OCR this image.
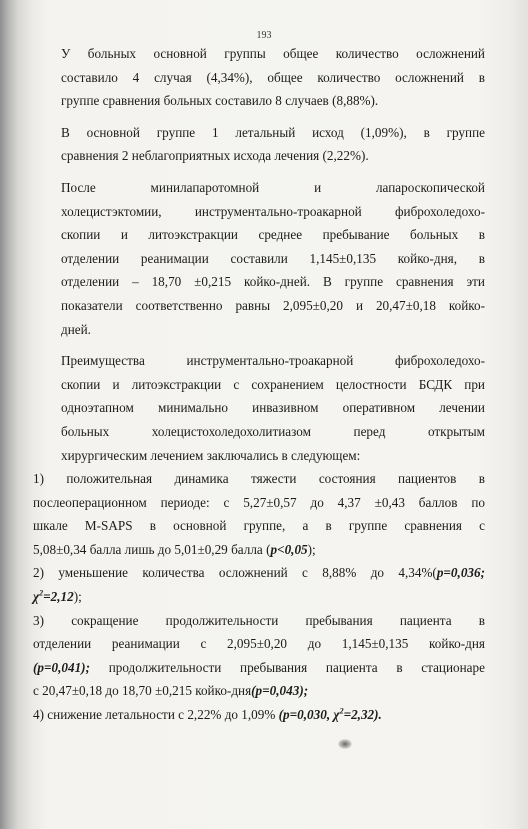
193
У больных основной группы общее количество осложнений
составило 4 случая (4,34%), общее количество осложнений в
группе сравнения больных составило 8 случаев (8,88%).
В основной группе 1 летальный исход (1,09%), в группе
сравнения 2 неблагоприятных исхода лечения (2,22%).
После минилапаротомной и лапароскопической
холецистэктомии, инструментально-троакарной фиброхоледохо-
скопии и литоэкстракции среднее пребывание больных в
отделении реанимации составили 1,145±0,135 койко-дня, в
отделении – 18,70 ±0,215 койко-дней. В группе сравнения эти
показатели соответственно равны 2,095±0,20 и 20,47±0,18 койко-
дней.
Преимущества инструментально-троакарной фиброхоледохо-
скопии и литоэкстракции с сохранением целостности БСДК при
одноэтапном минимально инвазивном оперативном лечении
больных холецистохоледохолитиазом перед открытым
хирургическим лечением заключались в следующем:
1) положительная динамика тяжести состояния пациентов в
послеоперационном периоде: с 5,27±0,57 до 4,37 ±0,43 баллов по
шкале M-SAPS в основной группе, а в группе сравнения с
5,08±0,34 балла лишь до 5,01±0,29 балла (p<0,05);
2) уменьшение количества осложнений с 8,88% до 4,34%(p=0,036;
$\chi^2=2,12$);
3) сокращение продолжительности пребывания пациента в
отделении реанимации с 2,095±0,20 до 1,145±0,135 койко-дня
(p=0,041); продолжительности пребывания пациента в стационаре
с 20,47±0,18 до 18,70 ±0,215 койко-дня(p=0,043);
4) снижение летальности с 2,22% до 1,09% (p=0,030, $\chi^2=2,32$).
